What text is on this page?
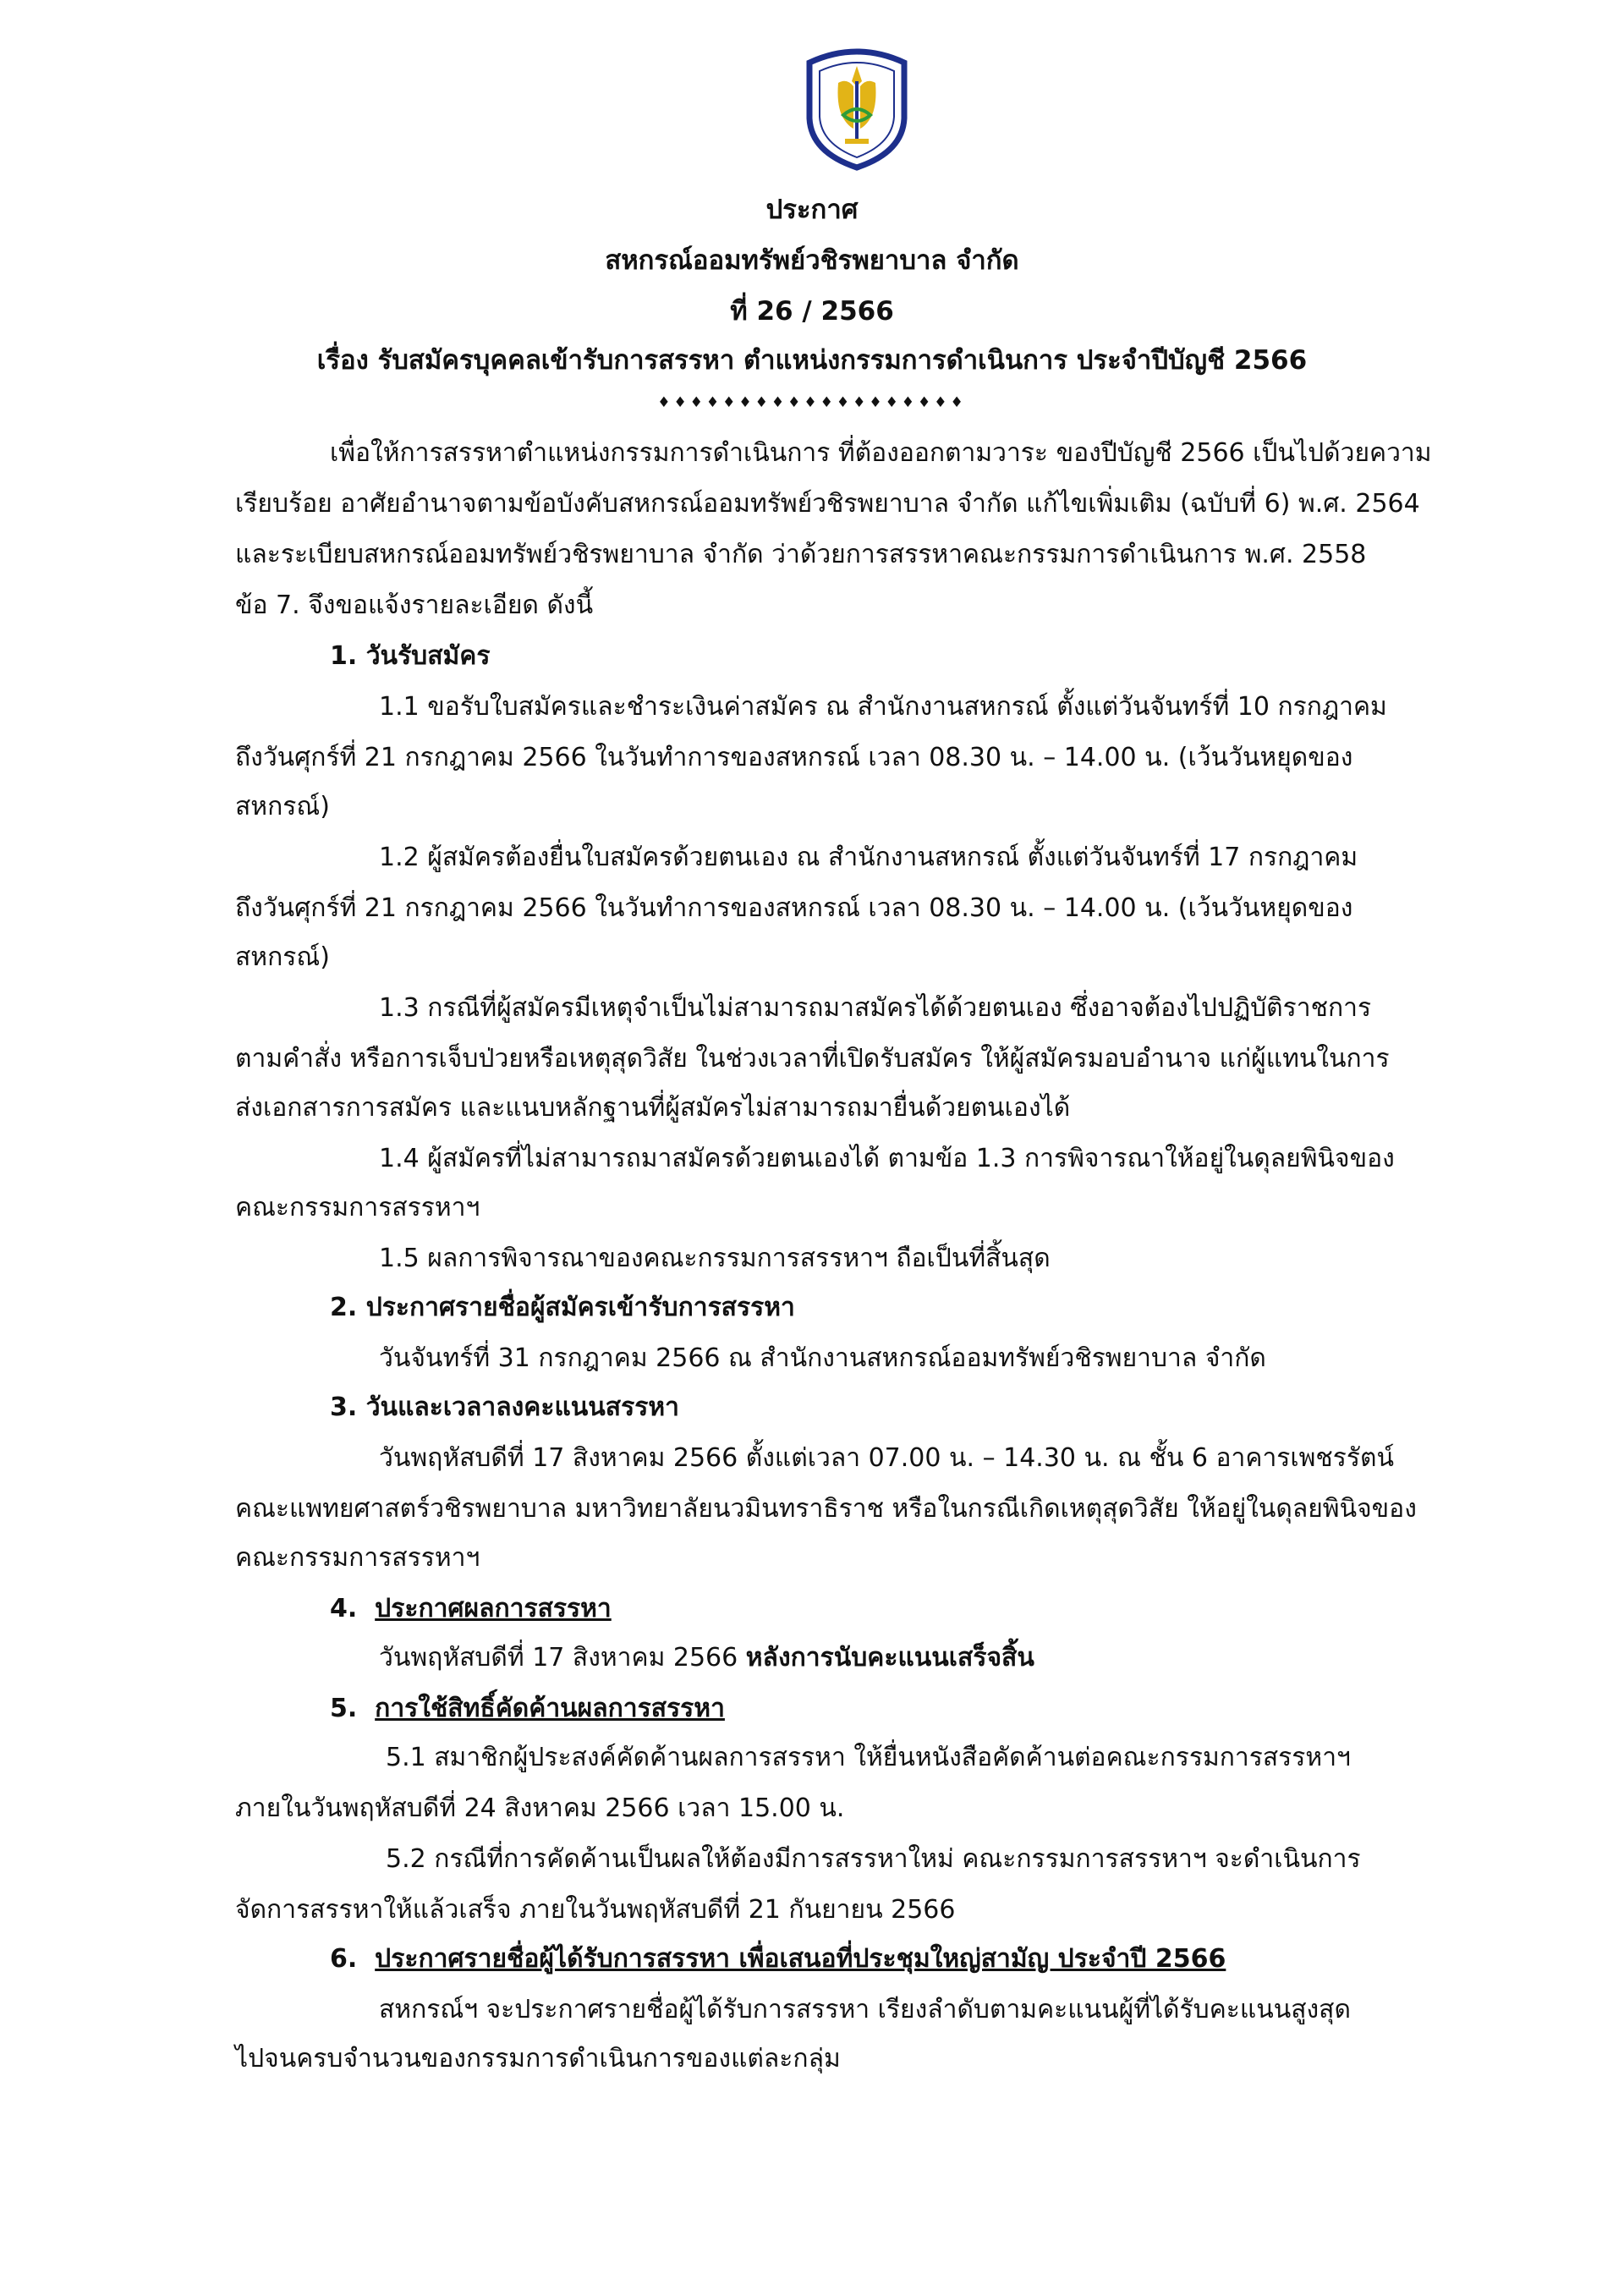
ประกาศ
สหกรณ์ออมทรัพย์วชิรพยาบาล จำกัด
ที่ 26 / 2566
เรื่อง รับสมัครบุคคลเข้ารับการสรรหา ตำแหน่งกรรมการดำเนินการ ประจำปีบัญชี 2566
♦♦♦♦♦♦♦♦♦♦♦♦♦♦♦♦♦♦♦
เพื่อให้การสรรหาตำแหน่งกรรมการดำเนินการ ที่ต้องออกตามวาระ ของปีบัญชี 2566 เป็นไปด้วยความ
เรียบร้อย อาศัยอำนาจตามข้อบังคับสหกรณ์ออมทรัพย์วชิรพยาบาล จำกัด แก้ไขเพิ่มเติม (ฉบับที่ 6) พ.ศ. 2564
และระเบียบสหกรณ์ออมทรัพย์วชิรพยาบาล จำกัด ว่าด้วยการสรรหาคณะกรรมการดำเนินการ พ.ศ. 2558
ข้อ 7. จึงขอแจ้งรายละเอียด ดังนี้
1. วันรับสมัคร
1.1 ขอรับใบสมัครและชำระเงินค่าสมัคร ณ สำนักงานสหกรณ์ ตั้งแต่วันจันทร์ที่ 10 กรกฎาคม
ถึงวันศุกร์ที่ 21 กรกฎาคม 2566 ในวันทำการของสหกรณ์ เวลา 08.30 น. – 14.00 น. (เว้นวันหยุดของ
สหกรณ์)
1.2 ผู้สมัครต้องยื่นใบสมัครด้วยตนเอง ณ สำนักงานสหกรณ์ ตั้งแต่วันจันทร์ที่ 17 กรกฎาคม
ถึงวันศุกร์ที่ 21 กรกฎาคม 2566 ในวันทำการของสหกรณ์ เวลา 08.30 น. – 14.00 น. (เว้นวันหยุดของ
สหกรณ์)
1.3 กรณีที่ผู้สมัครมีเหตุจำเป็นไม่สามารถมาสมัครได้ด้วยตนเอง ซึ่งอาจต้องไปปฏิบัติราชการ
ตามคำสั่ง หรือการเจ็บป่วยหรือเหตุสุดวิสัย ในช่วงเวลาที่เปิดรับสมัคร ให้ผู้สมัครมอบอำนาจ แก่ผู้แทนในการ
ส่งเอกสารการสมัคร และแนบหลักฐานที่ผู้สมัครไม่สามารถมายื่นด้วยตนเองได้
1.4 ผู้สมัครที่ไม่สามารถมาสมัครด้วยตนเองได้ ตามข้อ 1.3 การพิจารณาให้อยู่ในดุลยพินิจของ
คณะกรรมการสรรหาฯ
1.5 ผลการพิจารณาของคณะกรรมการสรรหาฯ ถือเป็นที่สิ้นสุด
2. ประกาศรายชื่อผู้สมัครเข้ารับการสรรหา
วันจันทร์ที่ 31 กรกฎาคม 2566 ณ สำนักงานสหกรณ์ออมทรัพย์วชิรพยาบาล จำกัด
3. วันและเวลาลงคะแนนสรรหา
วันพฤหัสบดีที่ 17 สิงหาคม 2566 ตั้งแต่เวลา 07.00 น. – 14.30 น. ณ ชั้น 6 อาคารเพชรรัตน์
คณะแพทยศาสตร์วชิรพยาบาล มหาวิทยาลัยนวมินทราธิราช หรือในกรณีเกิดเหตุสุดวิสัย ให้อยู่ในดุลยพินิจของ
คณะกรรมการสรรหาฯ
4. ประกาศผลการสรรหา
วันพฤหัสบดีที่ 17 สิงหาคม 2566 หลังการนับคะแนนเสร็จสิ้น
5. การใช้สิทธิ์คัดค้านผลการสรรหา
5.1 สมาชิกผู้ประสงค์คัดค้านผลการสรรหา ให้ยื่นหนังสือคัดค้านต่อคณะกรรมการสรรหาฯ
ภายในวันพฤหัสบดีที่ 24 สิงหาคม 2566 เวลา 15.00 น.
5.2 กรณีที่การคัดค้านเป็นผลให้ต้องมีการสรรหาใหม่ คณะกรรมการสรรหาฯ จะดำเนินการ
จัดการสรรหาให้แล้วเสร็จ ภายในวันพฤหัสบดีที่ 21 กันยายน 2566
6. ประกาศรายชื่อผู้ได้รับการสรรหา เพื่อเสนอที่ประชุมใหญ่สามัญ ประจำปี 2566
สหกรณ์ฯ จะประกาศรายชื่อผู้ได้รับการสรรหา เรียงลำดับตามคะแนนผู้ที่ได้รับคะแนนสูงสุด
ไปจนครบจำนวนของกรรมการดำเนินการของแต่ละกลุ่ม
